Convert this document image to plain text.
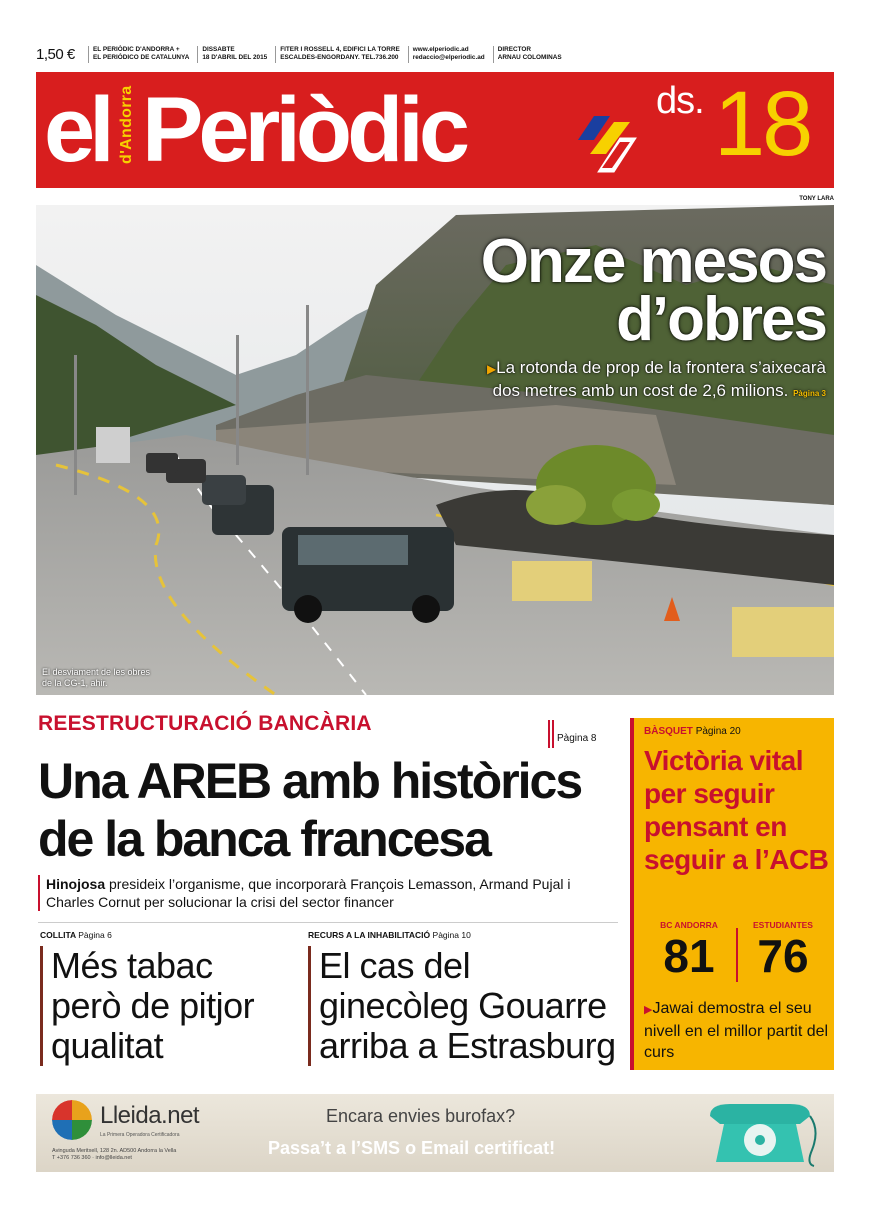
1,50 €	EL PERIÒDIC D'ANDORRA +
EL PERIÓDICO DE CATALUNYA
DISSABTE
18 D'ABRIL DEL 2015
FITER I ROSSELL 4, EDIFICI LA TORRE
ESCALDES-ENGORDANY. TEL.736.200
www.elperiodic.ad
redaccio@elperiodic.ad
DIRECTOR
ARNAU COLOMINAS
el d'Andorra Periòdic	ds. 18
TONY LARA
Onze mesos
d’obres
▶La rotonda de prop de la frontera s’aixecarà dos metres amb un cost de 2,6 milions. Pàgina 3
El desviament de les obres de la CG-1, ahir.
REESTRUCTURACIÓ BANCÀRIA
Pàgina 8
Una AREB amb històrics de la banca francesa
Hinojosa presideix l’organisme, que incorporarà François Lemasson, Armand Pujal i Charles Cornut per solucionar la crisi del sector financer
COLLITA Pàgina 6
Més tabac però de pitjor qualitat
RECURS A LA INHABILITACIÓ Pàgina 10
El cas del ginecòleg Gouarre arriba a Estrasburg
BÀSQUET Pàgina 20
Victòria vital per seguir pensant en seguir a l’ACB
BC ANDORRA
81
ESTUDIANTES
76
▶Jawai demostra el seu nivell en el millor partit del curs
Lleida.net
La Primera Operadora Certificadora
Avinguda Meritxell, 128 2n. AD500 Andorra la Vella
T +376 736 360 · info@lleida.net
Encara envies burofax?
Passa’t a l’SMS o Email certificat!
